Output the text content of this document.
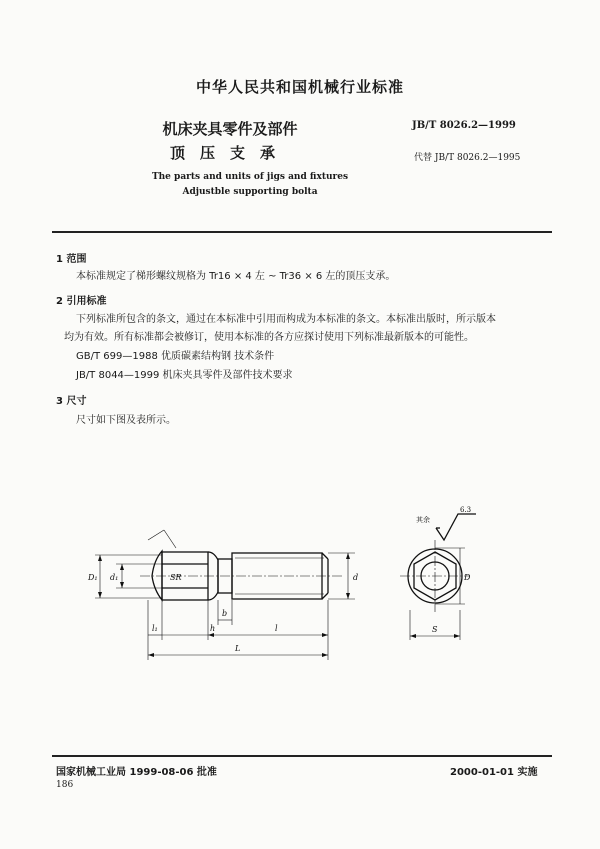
中华人民共和国机械行业标准
机床夹具零件及部件
顶压支承
JB/T 8026.2—1999
代替 JB/T 8026.2—1995
The parts and units of jigs and fixtures
Adjustble supporting bolta
1 范围
本标准规定了梯形螺纹规格为 Tr16 × 4 左 ~ Tr36 × 6 左的顶压支承。
2 引用标准
下列标准所包含的条文，通过在本标准中引用而构成为本标准的条文。本标准出版时，所示版本
均为有效。所有标准都会被修订，使用本标准的各方应探讨使用下列标准最新版本的可能性。
GB/T 699—1988 优质碳素结构钢 技术条件
JB/T 8044—1999 机床夹具零件及部件技术要求
3 尺寸
尺寸如下图及表所示。
D₁ d₁	SR	d
b
h	l
l₁
L
D
S
其余
6.3
国家机械工业局 1999-08-06 批准	2000-01-01 实施
186
